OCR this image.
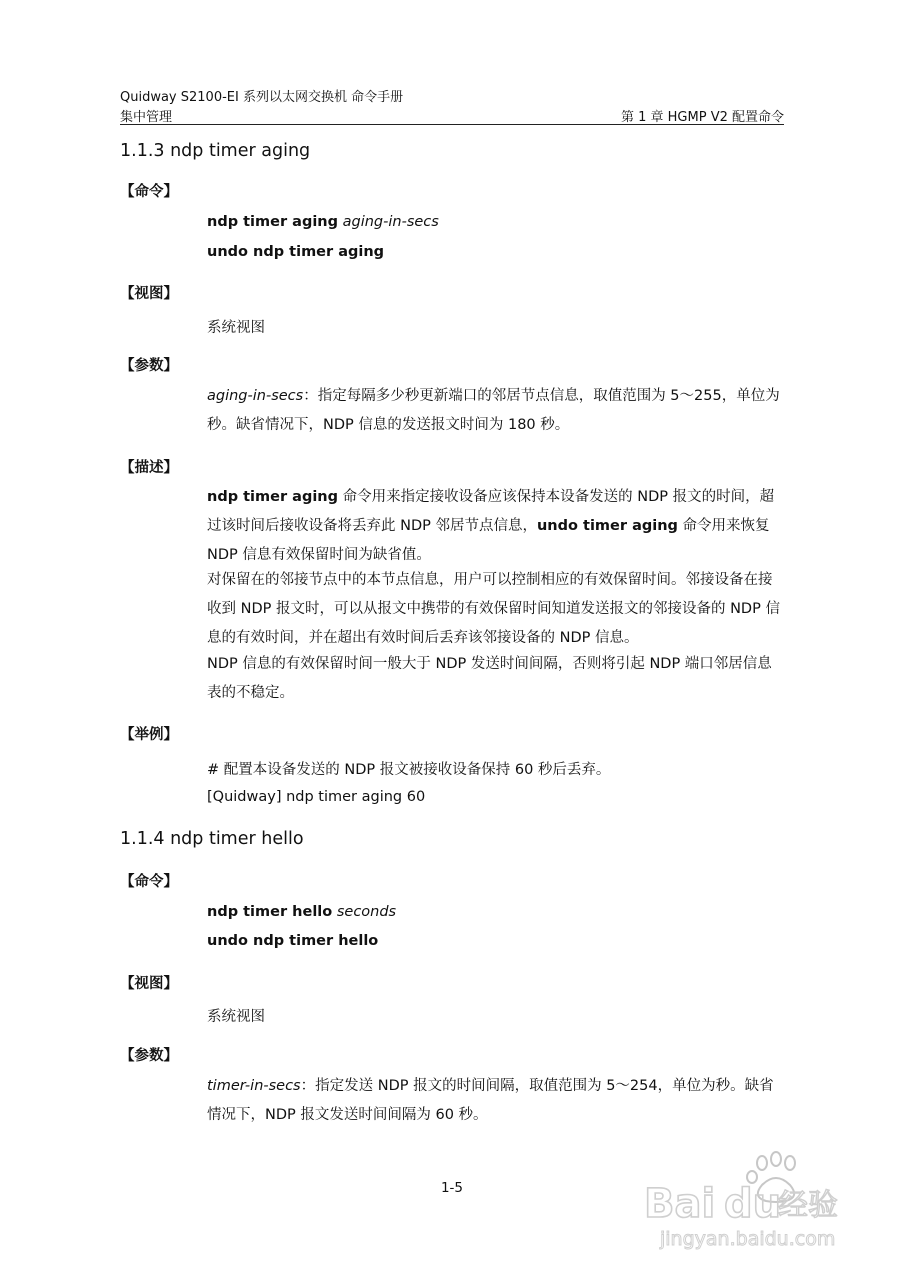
Quidway S2100-EI 系列以太网交换机 命令手册
集中管理	第 1 章 HGMP V2 配置命令
1.1.3 ndp timer aging
【命令】
ndp timer aging aging-in-secs
undo ndp timer aging
【视图】
系统视图
【参数】
aging-in-secs：指定每隔多少秒更新端口的邻居节点信息，取值范围为 5～255，单位为秒。缺省情况下，NDP 信息的发送报文时间为 180 秒。
【描述】
ndp timer aging 命令用来指定接收设备应该保持本设备发送的 NDP 报文的时间，超过该时间后接收设备将丢弃此 NDP 邻居节点信息，undo timer aging 命令用来恢复 NDP 信息有效保留时间为缺省值。
对保留在的邻接节点中的本节点信息，用户可以控制相应的有效保留时间。邻接设备在接收到 NDP 报文时，可以从报文中携带的有效保留时间知道发送报文的邻接设备的 NDP 信息的有效时间，并在超出有效时间后丢弃该邻接设备的 NDP 信息。
NDP 信息的有效保留时间一般大于 NDP 发送时间间隔，否则将引起 NDP 端口邻居信息表的不稳定。
【举例】
# 配置本设备发送的 NDP 报文被接收设备保持 60 秒后丢弃。
[Quidway] ndp timer aging 60
1.1.4 ndp timer hello
【命令】
ndp timer hello seconds
undo ndp timer hello
【视图】
系统视图
【参数】
timer-in-secs：指定发送 NDP 报文的时间间隔，取值范围为 5～254，单位为秒。缺省情况下，NDP 报文发送时间间隔为 60 秒。
1-5	Bai du
经验
jingyan.baidu.com
